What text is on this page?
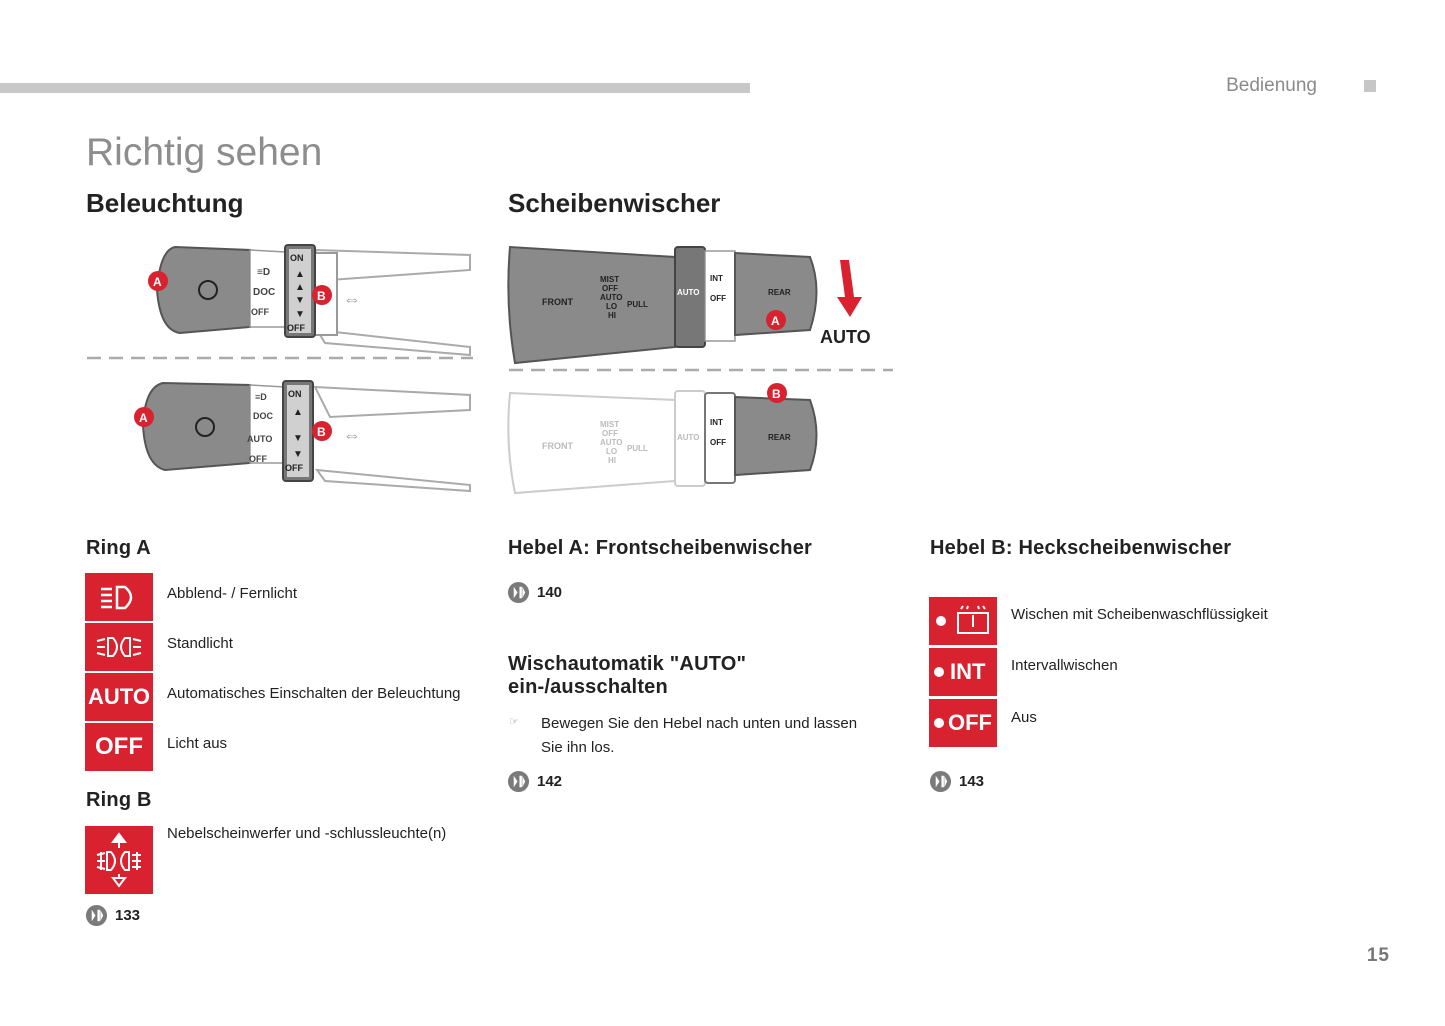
Bedienung
Richtig sehen
Beleuchtung	Scheibenwischer
≡D
DOC
OFF
ON
▲
▲
▼
▼
OFF
A
B ⇔
≡D
DOC
AUTO
OFF
ON
▲
▼
▼
OFF
A
B ⇔
FRONT
MIST
OFF
AUTO
LO
HI
PULL
AUTO
INT
OFF
REAR
A
AUTO
FRONT
MIST
OFF
AUTO
LO
HI
PULL
AUTO
INT
OFF
REAR
B
Ring A	Hebel A: Frontscheibenwischer	Hebel B: Heckscheibenwischer
Abblend- / Fernlicht
Standlicht
AUTO Automatisches Einschalten der Beleuchtung
OFF	Licht aus
Ring B
Nebelscheinwerfer und -schlussleuchte(n)
133
140
Wischautomatik "AUTO"
ein-/ausschalten
☞ Bewegen Sie den Hebel nach unten und lassen
Sie ihn los.
142
Wischen mit Scheibenwaschflüssigkeit
INT Intervallwischen
OFF Aus
143
15
